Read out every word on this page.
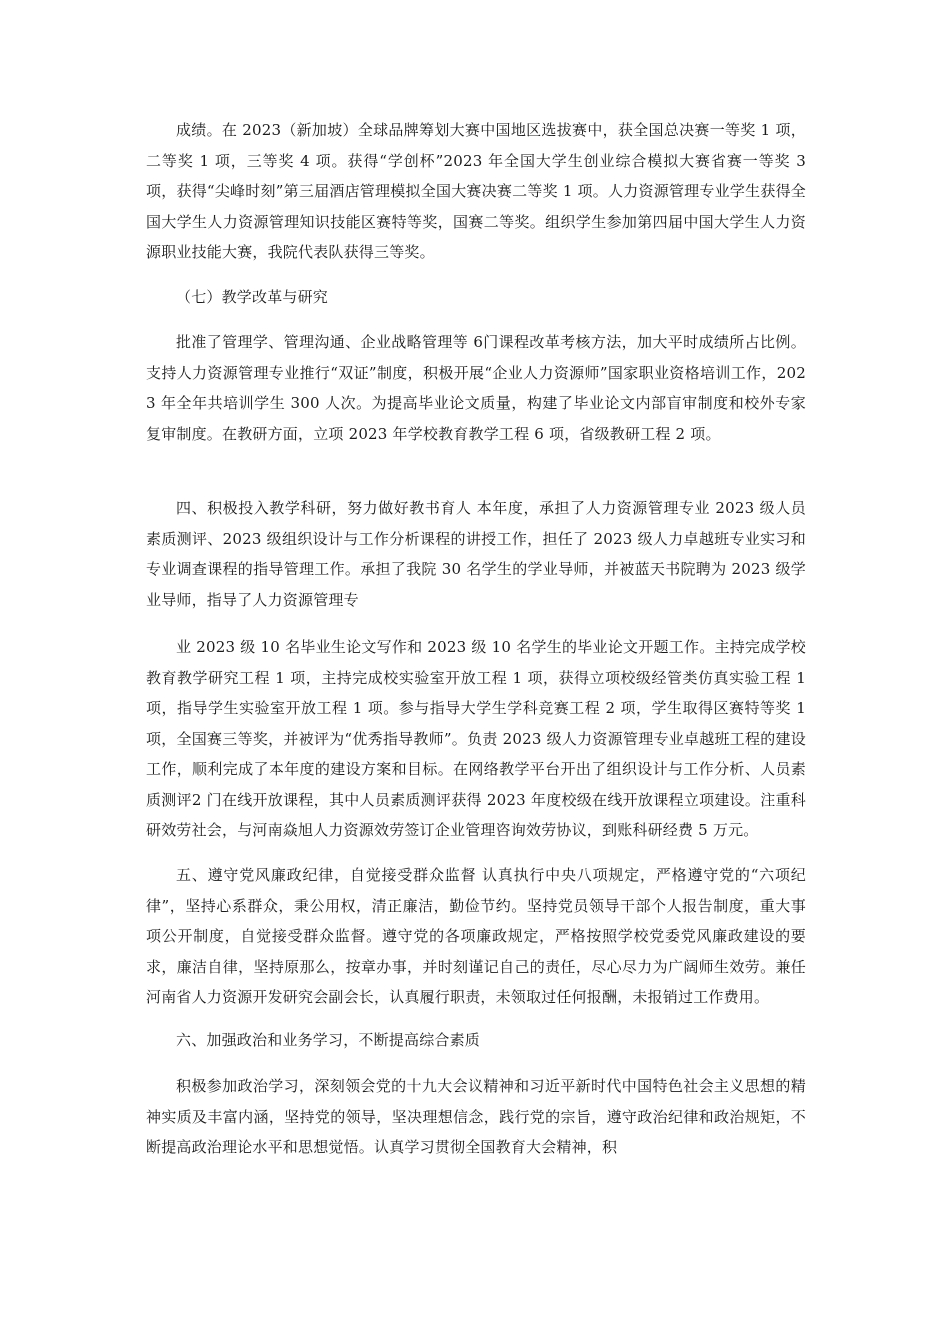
成绩。在 2023（新加坡）全球品牌筹划大赛中国地区选拔赛中，获全国总决赛一等奖 1 项，二等奖 1 项，三等奖 4 项。获得“学创杯”2023 年全国大学生创业综合模拟大赛省赛一等奖 3 项，获得“尖峰时刻”第三届酒店管理模拟全国大赛决赛二等奖 1 项。人力资源管理专业学生获得全国大学生人力资源管理知识技能区赛特等奖，国赛二等奖。组织学生参加第四届中国大学生人力资源职业技能大赛，我院代表队获得三等奖。

（七）教学改革与研究

批准了管理学、管理沟通、企业战略管理等 6门课程改革考核方法，加大平时成绩所占比例。支持人力资源管理专业推行“双证”制度，积极开展“企业人力资源师”国家职业资格培训工作，2023 年全年共培训学生 300 人次。为提高毕业论文质量，构建了毕业论文内部盲审制度和校外专家复审制度。在教研方面，立项 2023 年学校教育教学工程 6 项，省级教研工程 2 项。

四、积极投入教学科研，努力做好教书育人 本年度，承担了人力资源管理专业 2023 级人员素质测评、2023 级组织设计与工作分析课程的讲授工作，担任了 2023 级人力卓越班专业实习和专业调查课程的指导管理工作。承担了我院 30 名学生的学业导师，并被蓝天书院聘为 2023 级学业导师，指导了人力资源管理专

业 2023 级 10 名毕业生论文写作和 2023 级 10 名学生的毕业论文开题工作。主持完成学校教育教学研究工程 1 项，主持完成校实验室开放工程 1 项，获得立项校级经管类仿真实验工程 1 项，指导学生实验室开放工程 1 项。参与指导大学生学科竞赛工程 2 项，学生取得区赛特等奖 1 项，全国赛三等奖，并被评为“优秀指导教师”。负责 2023 级人力资源管理专业卓越班工程的建设工作，顺利完成了本年度的建设方案和目标。在网络教学平台开出了组织设计与工作分析、人员素质测评2 门在线开放课程，其中人员素质测评获得 2023 年度校级在线开放课程立项建设。注重科研效劳社会，与河南焱旭人力资源效劳签订企业管理咨询效劳协议，到账科研经费 5 万元。

五、遵守党风廉政纪律，自觉接受群众监督 认真执行中央八项规定，严格遵守党的“六项纪律”，坚持心系群众，秉公用权，清正廉洁，勤俭节约。坚持党员领导干部个人报告制度，重大事项公开制度，自觉接受群众监督。遵守党的各项廉政规定，严格按照学校党委党风廉政建设的要求，廉洁自律，坚持原那么，按章办事，并时刻谨记自己的责任，尽心尽力为广阔师生效劳。兼任河南省人力资源开发研究会副会长，认真履行职责，未领取过任何报酬，未报销过工作费用。

六、加强政治和业务学习，不断提高综合素质

积极参加政治学习，深刻领会党的十九大会议精神和习近平新时代中国特色社会主义思想的精神实质及丰富内涵，坚持党的领导，坚决理想信念，践行党的宗旨，遵守政治纪律和政治规矩，不断提高政治理论水平和思想觉悟。认真学习贯彻全国教育大会精神，积
